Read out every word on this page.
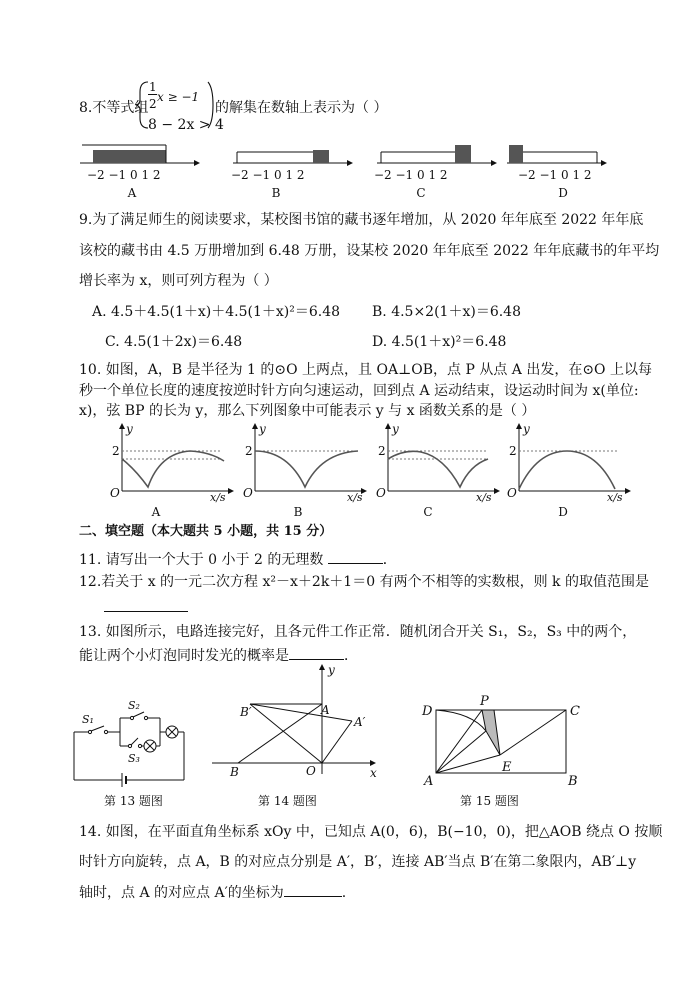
8.不等式组
1
2 x ≥ −1
8 − 2x > 4
的解集在数轴上表示为（ ）
−2 −1 0 1 2	−2 −1 0 1 2	−2 −1 0 1 2	−2 −1 0 1 2
A	B	C	D
9.为了满足师生的阅读要求，某校图书馆的藏书逐年增加，从 2020 年年底至 2022 年年底
该校的藏书由 4.5 万册增加到 6.48 万册，设某校 2020 年年底至 2022 年年底藏书的年平均
增长率为 x，则可列方程为（ ）
A. 4.5＋4.5(1＋x)＋4.5(1＋x)²＝6.48 B. 4.5×2(1＋x)＝6.48
C. 4.5(1＋2x)＝6.48	D. 4.5(1＋x)²＝6.48
10. 如图，A，B 是半径为 1 的⊙O 上两点，且 OA⊥OB，点 P 从点 A 出发，在⊙O 上以每
秒一个单位长度的速度按逆时针方向匀速运动，回到点 A 运动结束，设运动时间为 x(单位:
x)，弦 BP 的长为 y，那么下列图象中可能表示 y 与 x 函数关系的是（ ）
y
2
O	x/s
y
2
O	x/s
y
2
O	x/s
y
2
O	x/s
A	B	C	D
二、填空题（本大题共 5 小题，共 15 分）
11. 请写出一个大于 0 小于 2 的无理数	．
12.若关于 x 的一元二次方程 x²－x＋2k＋1＝0 有两个不相等的实数根，则 k 的取值范围是
13. 如图所示，电路连接完好，且各元件工作正常．随机闭合开关 S₁，S₂，S₃ 中的两个，
能让两个小灯泡同时发光的概率是	．
S₁
S₂
S₃
第 13 题图
B′	A
A′
B	O
y
x
第 14 题图
D
P
C
A
E
B
第 15 题图
14. 如图，在平面直角坐标系 xOy 中，已知点 A(0，6)，B(−10，0)，把△AOB 绕点 O 按顺
时针方向旋转，点 A，B 的对应点分别是 A′，B′，连接 AB′当点 B′在第二象限内，AB′⊥y
轴时，点 A 的对应点 A′的坐标为	.
